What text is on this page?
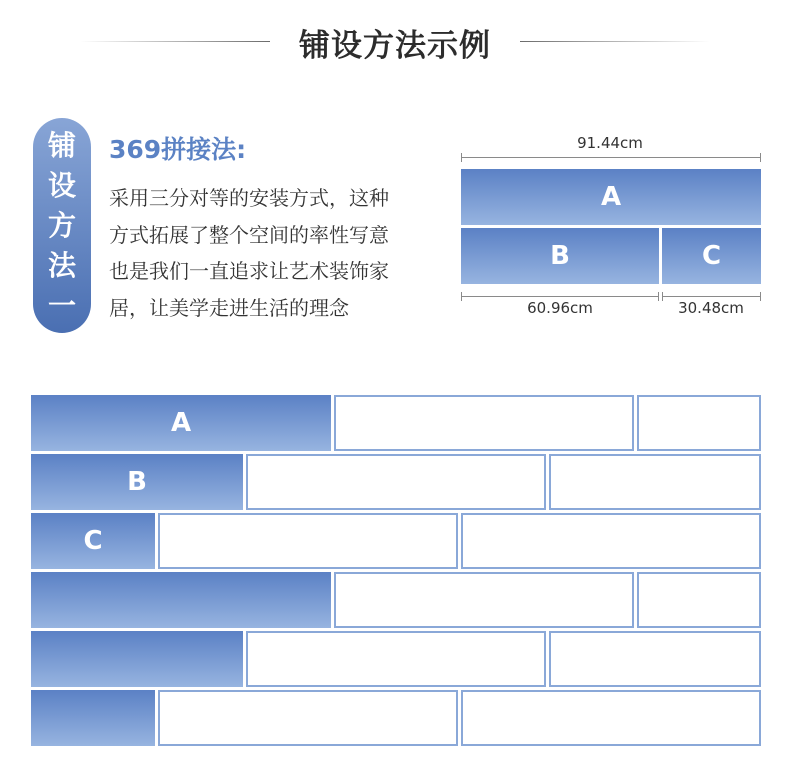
铺设方法示例
铺
设
方
法
一
369拼接法:
采用三分对等的安装方式，这种
方式拓展了整个空间的率性写意
也是我们一直追求让艺术装饰家
居，让美学走进生活的理念
91.44cm
A
B	C
60.96cm	30.48cm
A
B
C
